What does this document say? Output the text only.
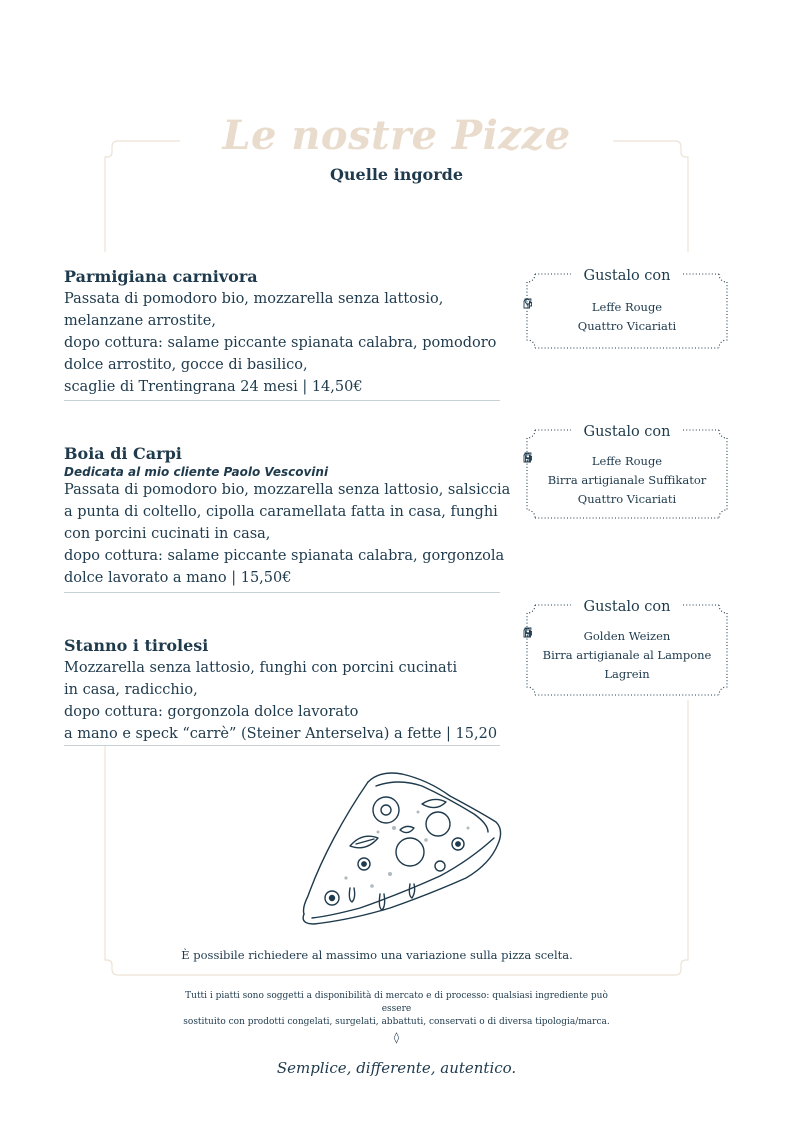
Le nostre Pizze
Quelle ingorde
Parmigiana carnivora
Passata di pomodoro bio, mozzarella senza lattosio,
melanzane arrostite,
dopo cottura: salame piccante spianata calabra, pomodoro
dolce arrostito, gocce di basilico,
scaglie di Trentingrana 24 mesi | 14,50€
Boia di Carpi
Dedicata al mio cliente Paolo Vescovini
Passata di pomodoro bio, mozzarella senza lattosio, salsiccia
a punta di coltello, cipolla caramellata fatta in casa, funghi
con porcini cucinati in casa,
dopo cottura: salame piccante spianata calabra, gorgonzola
dolce lavorato a mano | 15,50€
Stanno i tirolesi
Mozzarella senza lattosio, funghi con porcini cucinati
in casa, radicchio,
dopo cottura: gorgonzola dolce lavorato
a mano e speck “carrè” (Steiner Anterselva) a fette | 15,20
Gustalo con
Leffe Rouge
Quattro Vicariati
Gustalo con
Leffe Rouge
Birra artigianale Suffikator
Quattro Vicariati
Gustalo con
Golden Weizen
Birra artigianale al Lampone
Lagrein
È possibile richiedere al massimo una variazione sulla pizza scelta.
Tutti i piatti sono soggetti a disponibilità di mercato e di processo: qualsiasi ingrediente può essere
sostituito con prodotti congelati, surgelati, abbattuti, conservati o di diversa tipologia/marca.
◊
Semplice, differente, autentico.
